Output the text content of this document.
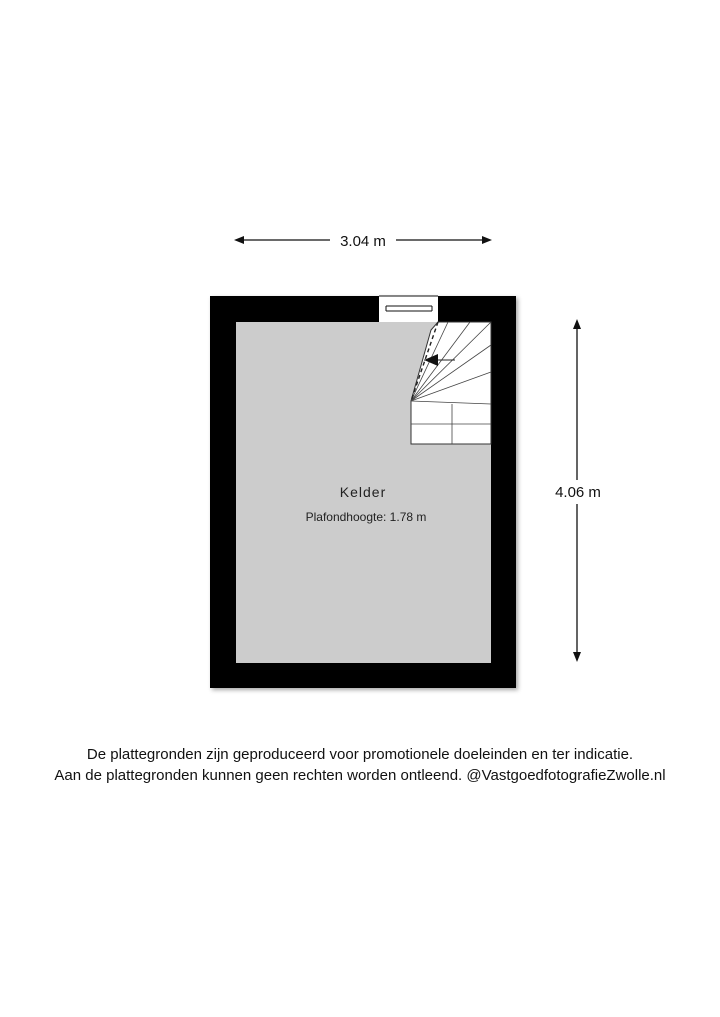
3.04 m
4.06 m
Kelder
Plafondhoogte: 1.78 m
De plattegronden zijn geproduceerd voor promotionele doeleinden en ter indicatie.
Aan de plattegronden kunnen geen rechten worden ontleend. @VastgoedfotografieZwolle.nl
